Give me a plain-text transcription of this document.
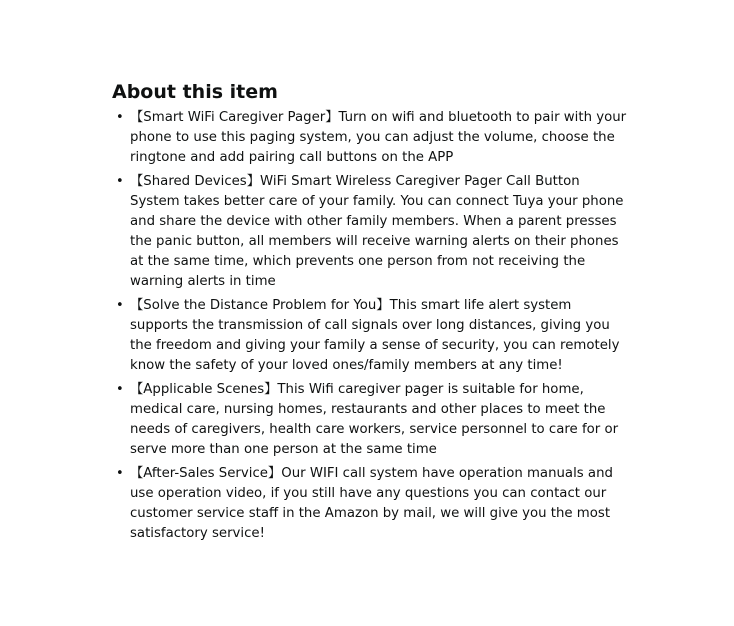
About this item
• 【Smart WiFi Caregiver Pager】Turn on wifi and bluetooth to pair with your phone to use this paging system, you can adjust the volume, choose the ringtone and add pairing call buttons on the APP
• 【Shared Devices】WiFi Smart Wireless Caregiver Pager Call Button System takes better care of your family. You can connect Tuya your phone and share the device with other family members. When a parent presses the panic button, all members will receive warning alerts on their phones at the same time, which prevents one person from not receiving the warning alerts in time
• 【Solve the Distance Problem for You】This smart life alert system supports the transmission of call signals over long distances, giving you the freedom and giving your family a sense of security, you can remotely know the safety of your loved ones/family members at any time!
• 【Applicable Scenes】This Wifi caregiver pager is suitable for home, medical care, nursing homes, restaurants and other places to meet the needs of caregivers, health care workers, service personnel to care for or serve more than one person at the same time
• 【After-Sales Service】Our WIFI call system have operation manuals and use operation video, if you still have any questions you can contact our customer service staff in the Amazon by mail, we will give you the most satisfactory service!
